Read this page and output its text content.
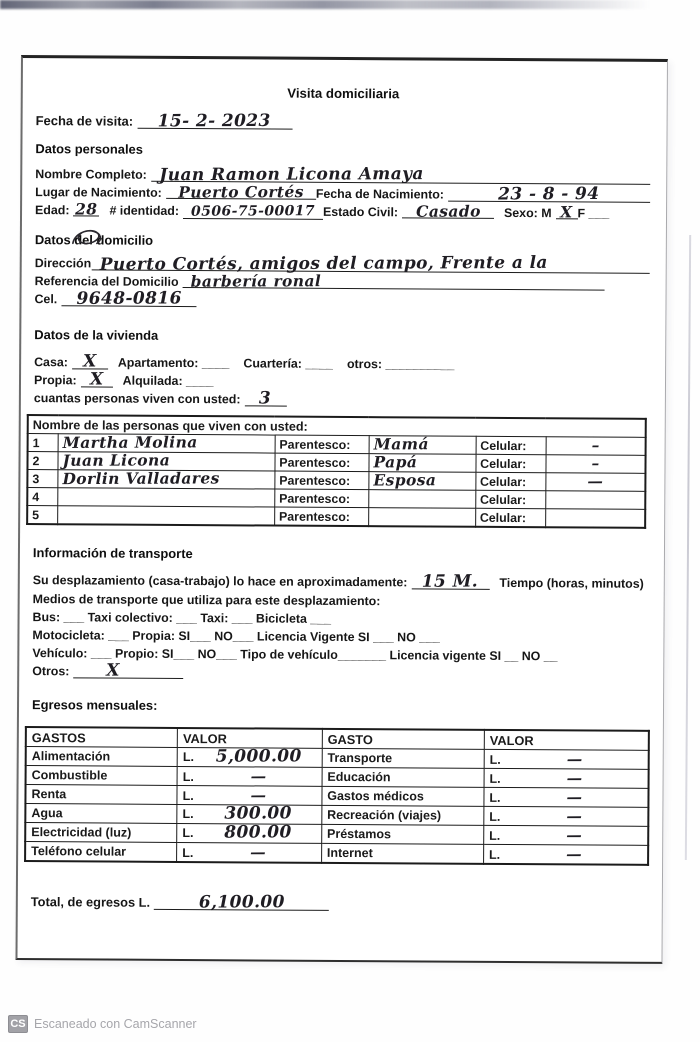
Visita domiciliaria
Fecha de visita: 15- 2- 2023
Datos personales
Nombre Completo: Juan Ramon Licona Amaya
Lugar de Nacimiento: Puerto Cortés Fecha de Nacimiento:	23 - 8 - 94
Edad: 28 # identidad: 0506-75-00017 Estado Civil: Casado Sexo: M X F ___
Datos del domicilio
Dirección Puerto Cortés, amigos del campo, Frente a la
Referencia del Domicilio barbería ronal
Cel. 9648-0816
Datos de la vivienda
Casa: X Apartamento: ____ Cuartería: ____ otros: __________
Propia: X Alquilada: ____
cuantas personas viven con usted: 3
Nombre de las personas que viven con usted:					
1	Martha Molina	Parentesco:	Mamá	Celular:	–
2	Juan Licona	Parentesco:	Papá	Celular:	–
3	Dorlin Valladares	Parentesco:	Esposa	Celular:	—
4		Parentesco:		Celular:	
5		Parentesco:		Celular:	
Información de transporte
Su desplazamiento (casa-trabajo) lo hace en aproximadamente: 15 M. Tiempo (horas, minutos)
Medios de transporte que utiliza para este desplazamiento:
Bus: ___ Taxi colectivo: ___ Taxi: ___ Bicicleta ___
Motocicleta: ___ Propia: SI___ NO___ Licencia Vigente SI ___ NO ___
Vehículo: ___ Propio: SI___ NO___ Tipo de vehículo_______ Licencia vigente SI __ NO __
Otros: X
Egresos mensuales:
GASTOS	VALOR	GASTO	VALOR
Alimentación	L. 5,000.00	Transporte	L. —

Combustible	L. —	Educación	L. —

Renta	L. —	Gastos médicos	L. —

Agua	L. 300.00	Recreación (viajes)	L. —

Electricidad (luz)	L. 800.00	Préstamos	L. —

Teléfono celular	L. —	Internet	L. —
Total, de egresos L.	6,100.00
CS Escaneado con CamScanner
